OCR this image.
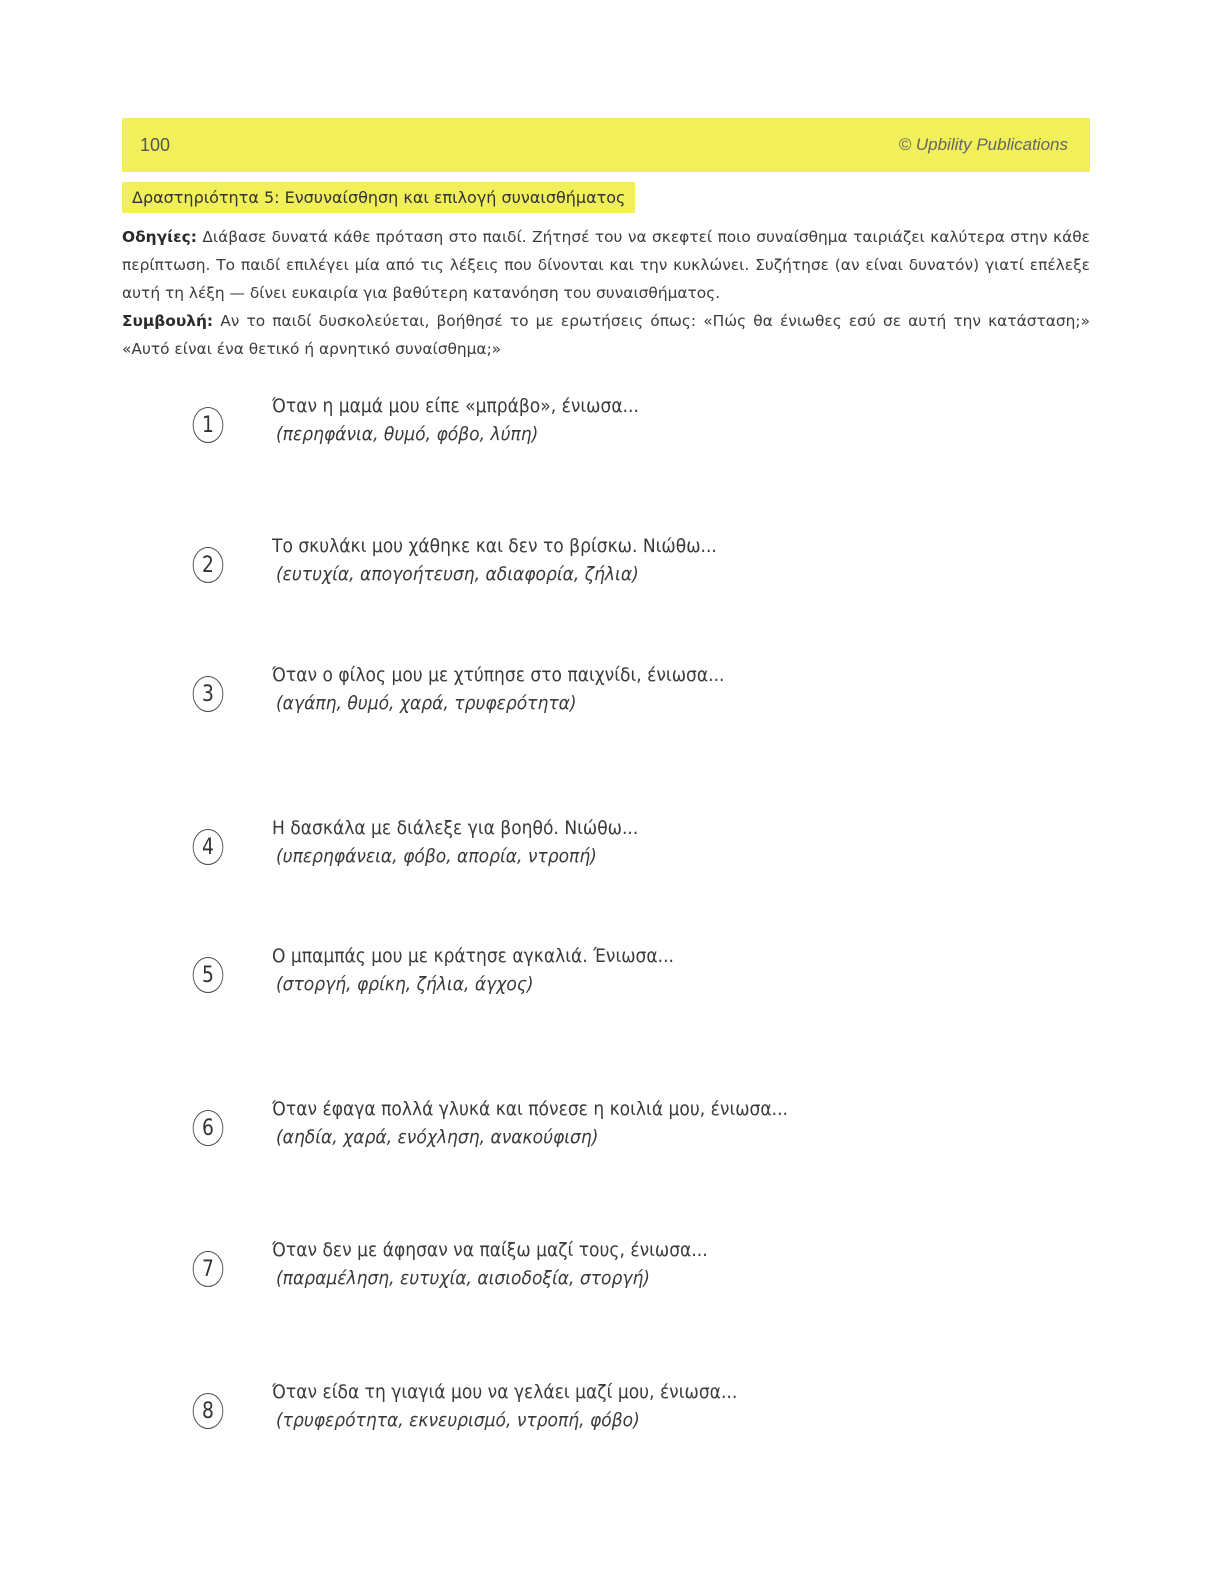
100	© Upbility Publications
Δραστηριότητα 5: Ενσυναίσθηση και επιλογή συναισθήματος

Οδηγίες: Διάβασε δυνατά κάθε πρόταση στο παιδί. Ζήτησέ του να σκεφτεί ποιο συναίσθημα ταιριάζει καλύτερα στην κάθε περίπτωση. Το παιδί επιλέγει μία από τις λέξεις που δίνονται και την κυκλώνει. Συζήτησε (αν είναι δυνατόν) γιατί επέλεξε αυτή τη λέξη — δίνει ευκαιρία για βαθύτερη κατανόηση του συναισθήματος.

Συμβουλή: Αν το παιδί δυσκολεύεται, βοήθησέ το με ερωτήσεις όπως: «Πώς θα ένιωθες εσύ σε αυτή την κατάσταση;» «Αυτό είναι ένα θετικό ή αρνητικό συναίσθημα;»

1
Όταν η μαμά μου είπε «μπράβο», ένιωσα...
(περηφάνια, θυμό, φόβο, λύπη)
2
Το σκυλάκι μου χάθηκε και δεν το βρίσκω. Νιώθω...
(ευτυχία, απογοήτευση, αδιαφορία, ζήλια)
3
Όταν ο φίλος μου με χτύπησε στο παιχνίδι, ένιωσα...
(αγάπη, θυμό, χαρά, τρυφερότητα)
4
Η δασκάλα με διάλεξε για βοηθό. Νιώθω...
(υπερηφάνεια, φόβο, απορία, ντροπή)
5
Ο μπαμπάς μου με κράτησε αγκαλιά. Ένιωσα...
(στοργή, φρίκη, ζήλια, άγχος)
6
Όταν έφαγα πολλά γλυκά και πόνεσε η κοιλιά μου, ένιωσα...
(αηδία, χαρά, ενόχληση, ανακούφιση)
7
Όταν δεν με άφησαν να παίξω μαζί τους, ένιωσα...
(παραμέληση, ευτυχία, αισιοδοξία, στοργή)
8
Όταν είδα τη γιαγιά μου να γελάει μαζί μου, ένιωσα...
(τρυφερότητα, εκνευρισμό, ντροπή, φόβο)
